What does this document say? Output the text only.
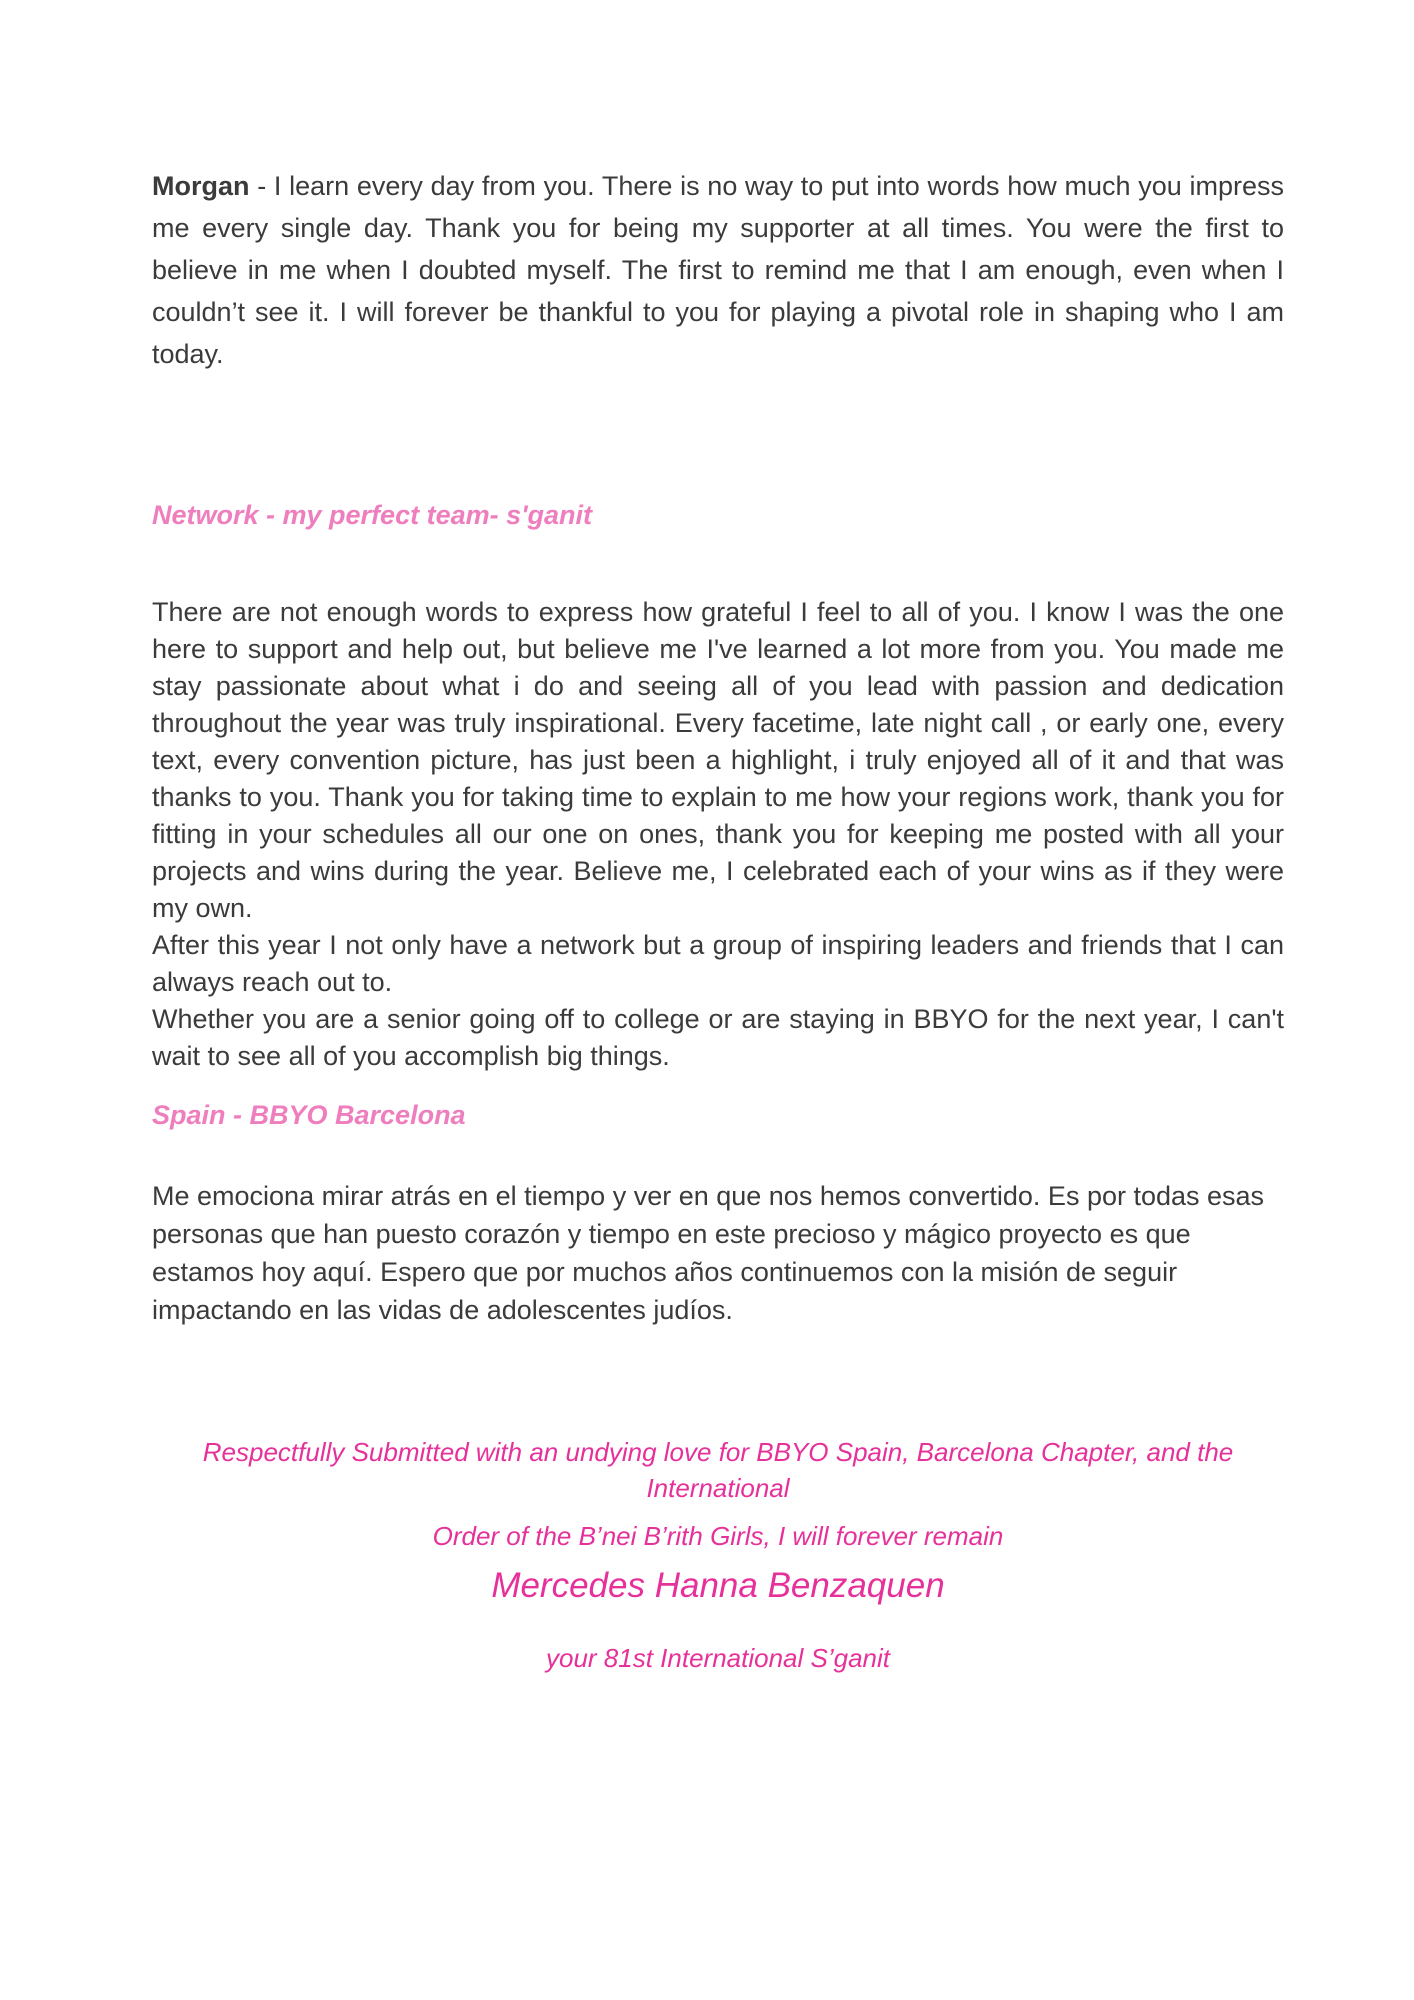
Morgan - I learn every day from you. There is no way to put into words how much you impress me every single day. Thank you for being my supporter at all times. You were the first to believe in me when I doubted myself. The first to remind me that I am enough, even when I couldn’t see it. I will forever be thankful to you for playing a pivotal role in shaping who I am today.

Network - my perfect team- s'ganit

There are not enough words to express how grateful I feel to all of you. I know I was the one here to support and help out, but believe me I've learned a lot more from you. You made me stay passionate about what i do and seeing all of you lead with passion and dedication throughout the year was truly inspirational. Every facetime, late night call , or early one, every text, every convention picture, has just been a highlight, i truly enjoyed all of it and that was thanks to you. Thank you for taking time to explain to me how your regions work, thank you for fitting in your schedules all our one on ones, thank you for keeping me posted with all your projects and wins during the year. Believe me, I celebrated each of your wins as if they were my own.

After this year I not only have a network but a group of inspiring leaders and friends that I can always reach out to.

Whether you are a senior going off to college or are staying in BBYO for the next year, I can't wait to see all of you accomplish big things.

Spain - BBYO Barcelona

Me emociona mirar atrás en el tiempo y ver en que nos hemos convertido. Es por todas esas personas que han puesto corazón y tiempo en este precioso y mágico proyecto es que estamos hoy aquí. Espero que por muchos años continuemos con la misión de seguir impactando en las vidas de adolescentes judíos.

Respectfully Submitted with an undying love for BBYO Spain, Barcelona Chapter, and the International

Order of the B’nei B’rith Girls, I will forever remain

Mercedes Hanna Benzaquen

your 81st International S’ganit
